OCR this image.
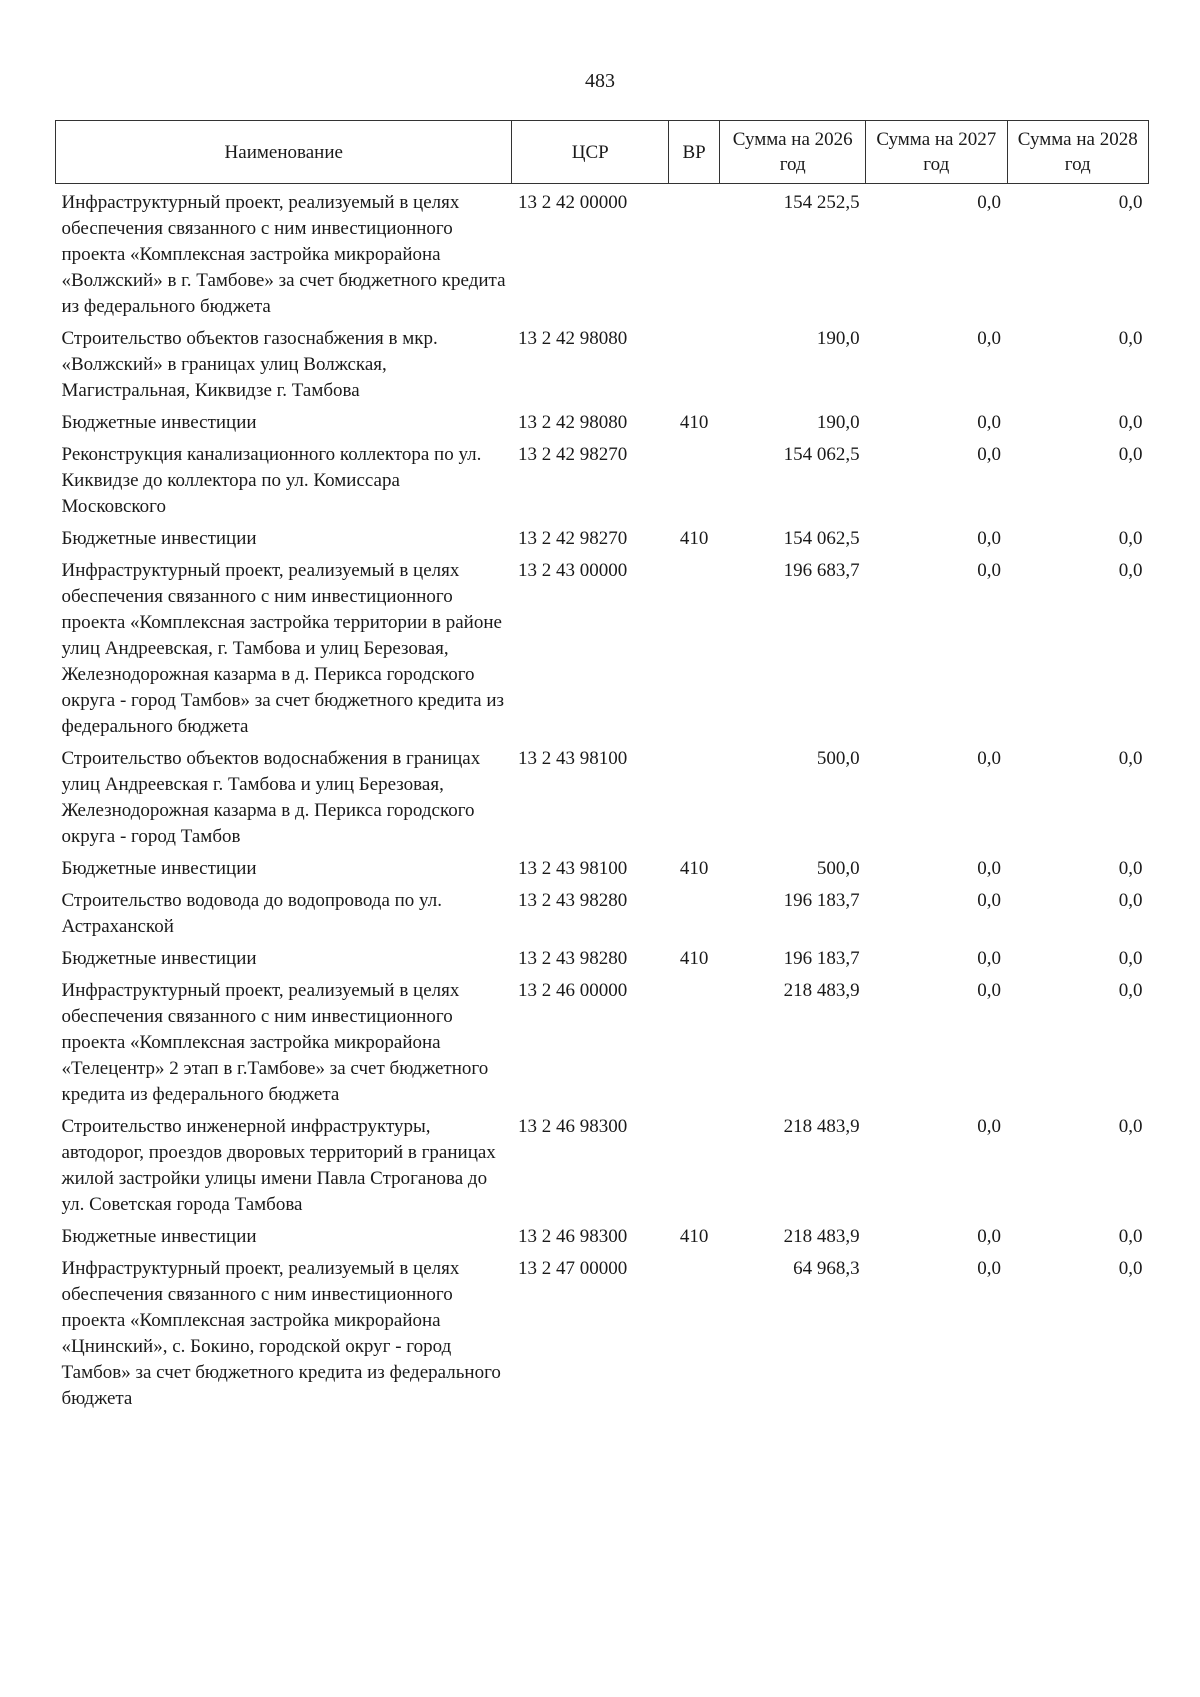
483
Наименование	ЦСР	ВР	Сумма на 2026 год	Сумма на 2027 год	Сумма на 2028 год
Инфраструктурный проект, реализуемый в целях обеспечения связанного с ним инвестиционного проекта «Комплексная застройка микрорайона «Волжский» в г. Тамбове» за счет бюджетного кредита из федерального бюджета	13 2 42 00000		154 252,5	0,0	0,0
Строительство объектов газоснабжения в мкр. «Волжский» в границах улиц Волжская, Магистральная, Киквидзе г. Тамбова	13 2 42 98080		190,0	0,0	0,0
Бюджетные инвестиции	13 2 42 98080	410	190,0	0,0	0,0
Реконструкция канализационного коллектора по ул. Киквидзе до коллектора по ул. Комиссара Московского	13 2 42 98270		154 062,5	0,0	0,0
Бюджетные инвестиции	13 2 42 98270	410	154 062,5	0,0	0,0
Инфраструктурный проект, реализуемый в целях обеспечения связанного с ним инвестиционного проекта «Комплексная застройка территории в районе улиц Андреевская, г. Тамбова и улиц Березовая, Железнодорожная казарма в д. Перикса городского округа - город Тамбов» за счет бюджетного кредита из федерального бюджета	13 2 43 00000		196 683,7	0,0	0,0
Строительство объектов водоснабжения в границах улиц Андреевская г. Тамбова и улиц Березовая, Железнодорожная казарма в д. Перикса городского округа - город Тамбов	13 2 43 98100		500,0	0,0	0,0
Бюджетные инвестиции	13 2 43 98100	410	500,0	0,0	0,0
Строительство водовода до водопровода по ул. Астраханской	13 2 43 98280		196 183,7	0,0	0,0
Бюджетные инвестиции	13 2 43 98280	410	196 183,7	0,0	0,0
Инфраструктурный проект, реализуемый в целях обеспечения связанного с ним инвестиционного проекта «Комплексная застройка микрорайона «Телецентр» 2 этап в г.Тамбове» за счет бюджетного кредита из федерального бюджета	13 2 46 00000		218 483,9	0,0	0,0
Строительство инженерной инфраструктуры, автодорог, проездов дворовых территорий в границах жилой застройки улицы имени Павла Строганова до ул. Советская города Тамбова	13 2 46 98300		218 483,9	0,0	0,0
Бюджетные инвестиции	13 2 46 98300	410	218 483,9	0,0	0,0
Инфраструктурный проект, реализуемый в целях обеспечения связанного с ним инвестиционного проекта «Комплексная застройка микрорайона «Цнинский», с. Бокино, городской округ - город Тамбов» за счет бюджетного кредита из федерального бюджета	13 2 47 00000		64 968,3	0,0	0,0
